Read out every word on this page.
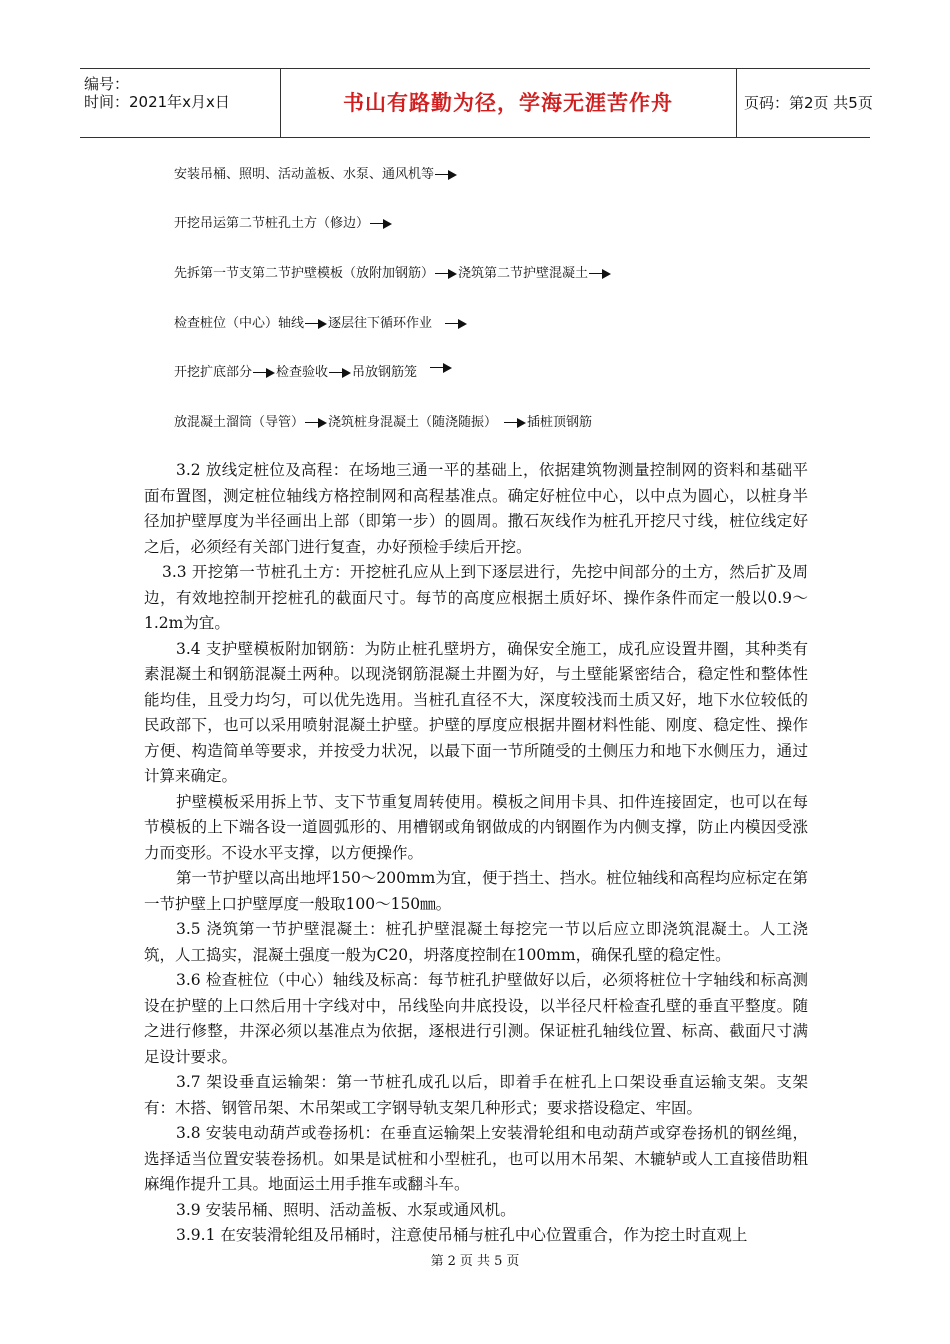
编号：
时间：2021年x月x日	书山有路勤为径，学海无涯苦作舟	页码：第2页 共5页
安装吊桶、照明、活动盖板、水泵、通风机等
开挖吊运第二节桩孔土方（修边）
先拆第一节支第二节护壁模板（放附加钢筋） 浇筑第二节护壁混凝土
检查桩位（中心）轴线 逐层往下循环作业
开挖扩底部分 检查验收 吊放钢筋笼
放混凝土溜筒（导管） 浇筑桩身混凝土（随浇随振） 插桩顶钢筋

3.2 放线定桩位及高程：在场地三通一平的基础上，依据建筑物测量控制网的资料和基础平面布置图，测定桩位轴线方格控制网和高程基准点。确定好桩位中心，以中点为圆心，以桩身半径加护壁厚度为半径画出上部（即第一步）的圆周。撒石灰线作为桩孔开挖尺寸线，桩位线定好之后，必须经有关部门进行复查，办好预检手续后开挖。

3.3 开挖第一节桩孔土方：开挖桩孔应从上到下逐层进行，先挖中间部分的土方，然后扩及周边，有效地控制开挖桩孔的截面尺寸。每节的高度应根据土质好坏、操作条件而定一般以0.9～1.2m为宜。

3.4 支护壁模板附加钢筋：为防止桩孔壁坍方，确保安全施工，成孔应设置井圈，其种类有素混凝土和钢筋混凝土两种。以现浇钢筋混凝土井圈为好，与土壁能紧密结合，稳定性和整体性能均佳，且受力均匀，可以优先选用。当桩孔直径不大，深度较浅而土质又好，地下水位较低的民政部下，也可以采用喷射混凝土护壁。护壁的厚度应根据井圈材料性能、刚度、稳定性、操作方便、构造简单等要求，并按受力状况，以最下面一节所随受的土侧压力和地下水侧压力，通过计算来确定。

护壁模板采用拆上节、支下节重复周转使用。模板之间用卡具、扣件连接固定，也可以在每节模板的上下端各设一道圆弧形的、用槽钢或角钢做成的内钢圈作为内侧支撑，防止内模因受涨力而变形。不设水平支撑，以方便操作。

第一节护壁以高出地坪150～200mm为宜，便于挡土、挡水。桩位轴线和高程均应标定在第一节护壁上口护壁厚度一般取100～150㎜。

3.5 浇筑第一节护壁混凝土：桩孔护壁混凝土每挖完一节以后应立即浇筑混凝土。人工浇筑，人工捣实，混凝土强度一般为C20，坍落度控制在100mm，确保孔壁的稳定性。

3.6 检查桩位（中心）轴线及标高：每节桩孔护壁做好以后，必须将桩位十字轴线和标高测设在护壁的上口然后用十字线对中，吊线坠向井底投设，以半径尺杆检查孔壁的垂直平整度。随之进行修整，井深必须以基准点为依据，逐根进行引测。保证桩孔轴线位置、标高、截面尺寸满足设计要求。

3.7 架设垂直运输架：第一节桩孔成孔以后，即着手在桩孔上口架设垂直运输支架。支架有：木搭、钢管吊架、木吊架或工字钢导轨支架几种形式；要求搭设稳定、牢固。

3.8 安装电动葫芦或卷扬机：在垂直运输架上安装滑轮组和电动葫芦或穿卷扬机的钢丝绳，选择适当位置安装卷扬机。如果是试桩和小型桩孔，也可以用木吊架、木辘轳或人工直接借助粗麻绳作提升工具。地面运土用手推车或翻斗车。

3.9 安装吊桶、照明、活动盖板、水泵或通风机。

3.9.1 在安装滑轮组及吊桶时，注意使吊桶与桩孔中心位置重合，作为挖土时直观上

第 2 页 共 5 页
